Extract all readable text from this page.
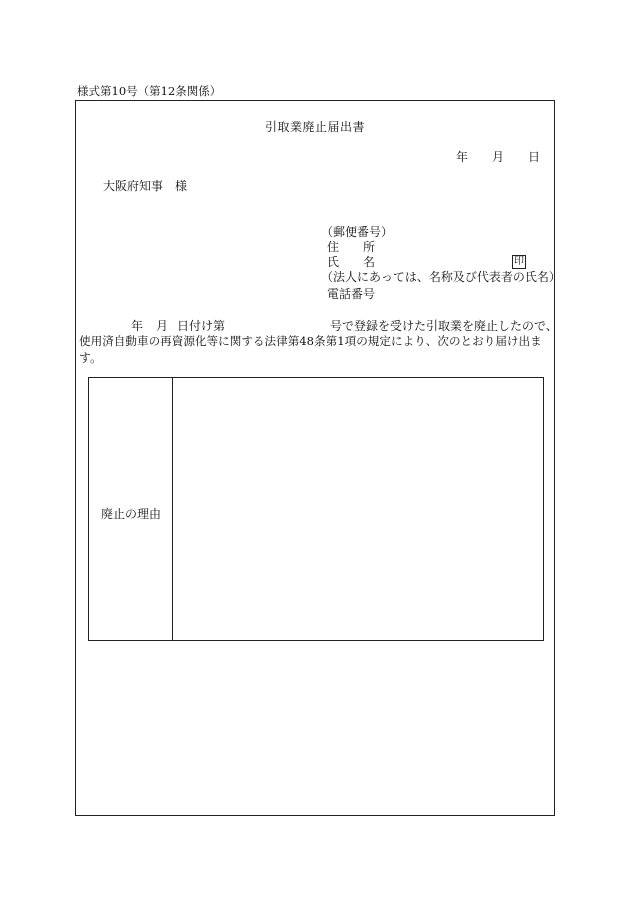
様式第10号（第12条関係）
引取業廃止届出書
年 月 日
大阪府知事　様
（郵便番号）
住　　所
氏　　名	印
（法人にあっては、名称及び代表者の氏名）
電話番号
年 月 日付け第	号で登録を受けた引取業を廃止したので、
使用済自動車の再資源化等に関する法律第48条第1項の規定により、次のとおり届け出ま
す。
廃止の理由
